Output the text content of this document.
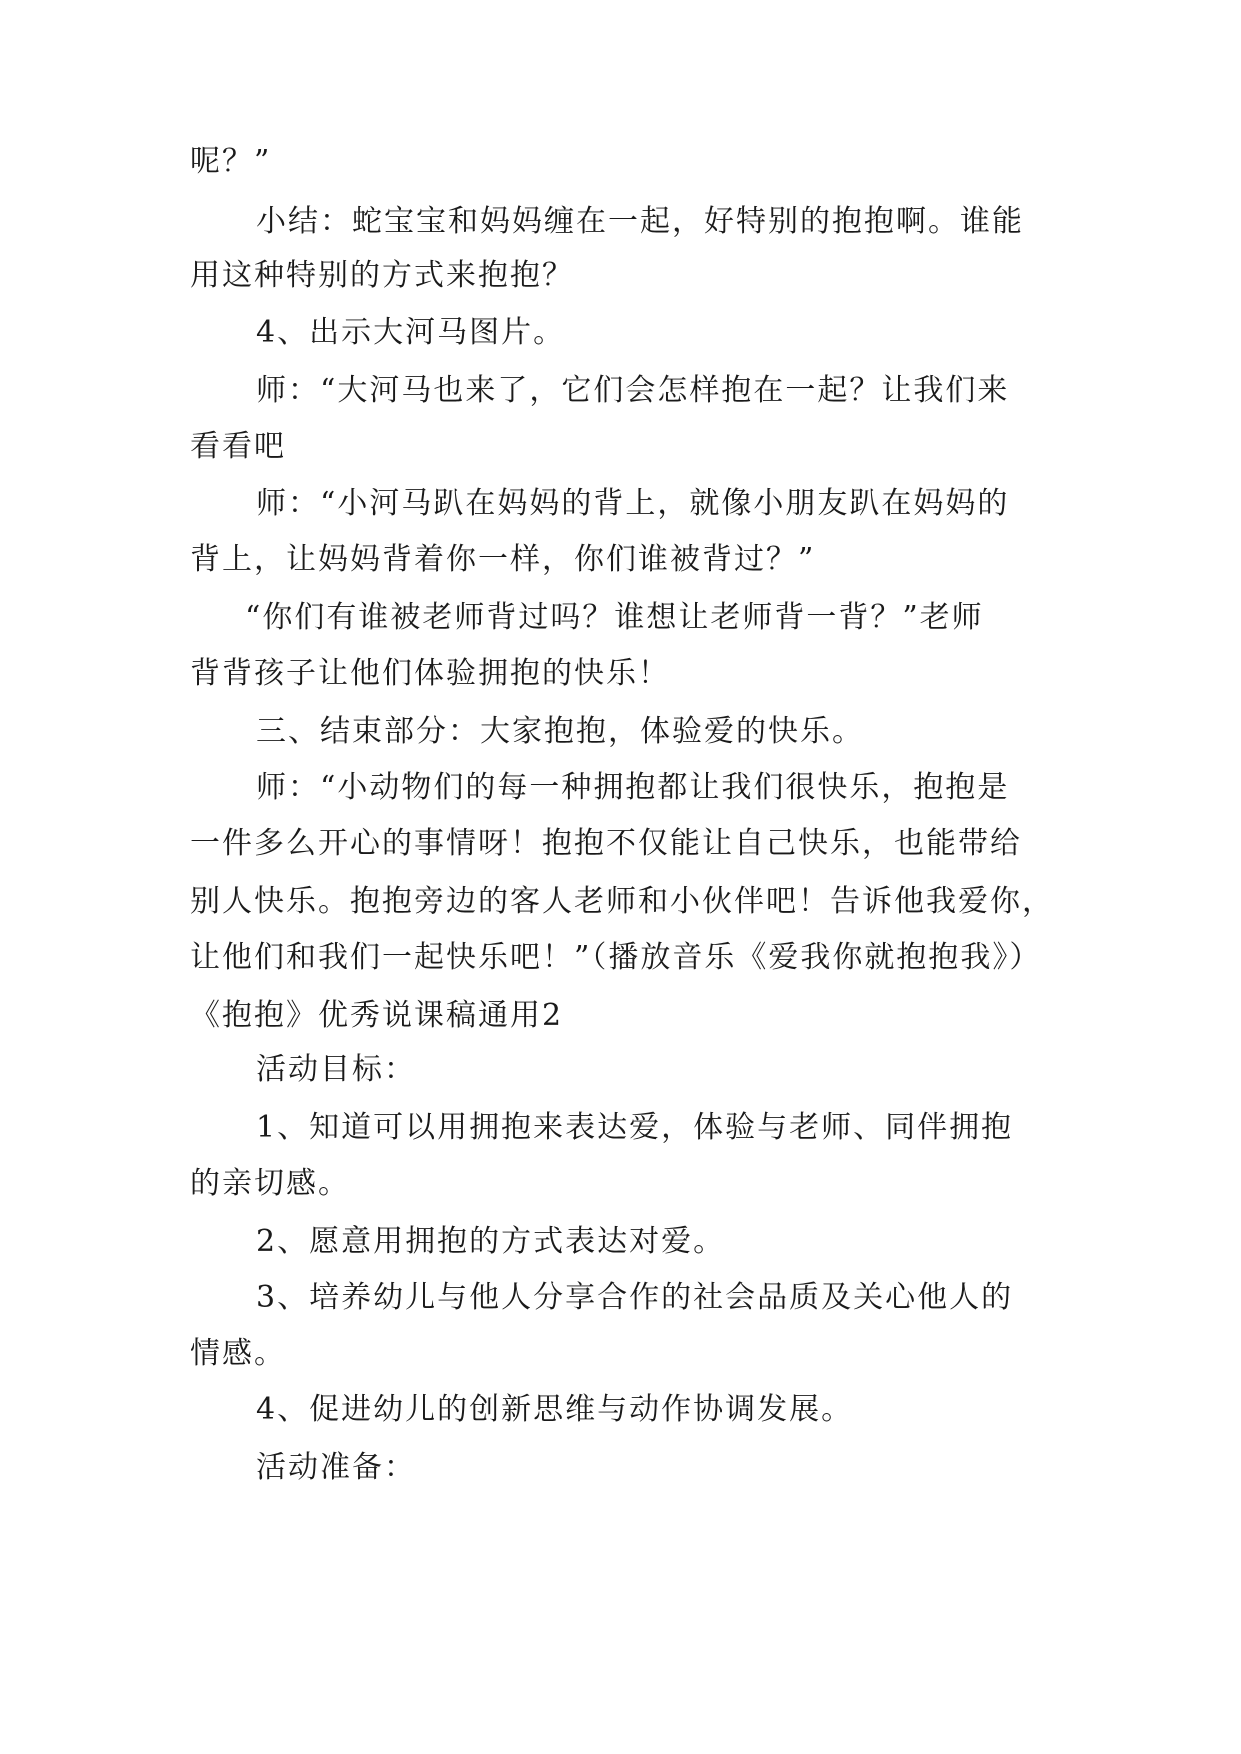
呢？”
小结：蛇宝宝和妈妈缠在一起，好特别的抱抱啊。谁能
用这种特别的方式来抱抱？
4、出示大河马图片。
师：“大河马也来了，它们会怎样抱在一起？让我们来
看看吧
师：“小河马趴在妈妈的背上，就像小朋友趴在妈妈的
背上，让妈妈背着你一样，你们谁被背过？”
“你们有谁被老师背过吗？谁想让老师背一背？”老师
背背孩子让他们体验拥抱的快乐！
三、结束部分：大家抱抱，体验爱的快乐。
师：“小动物们的每一种拥抱都让我们很快乐，抱抱是
一件多么开心的事情呀！抱抱不仅能让自己快乐，也能带给
别人快乐。抱抱旁边的客人老师和小伙伴吧！告诉他我爱你，
让他们和我们一起快乐吧！”（播放音乐《爱我你就抱抱我》）
《抱抱》优秀说课稿通用2
活动目标：
1、知道可以用拥抱来表达爱，体验与老师、同伴拥抱
的亲切感。
2、愿意用拥抱的方式表达对爱。
3、培养幼儿与他人分享合作的社会品质及关心他人的
情感。
4、促进幼儿的创新思维与动作协调发展。
活动准备：
